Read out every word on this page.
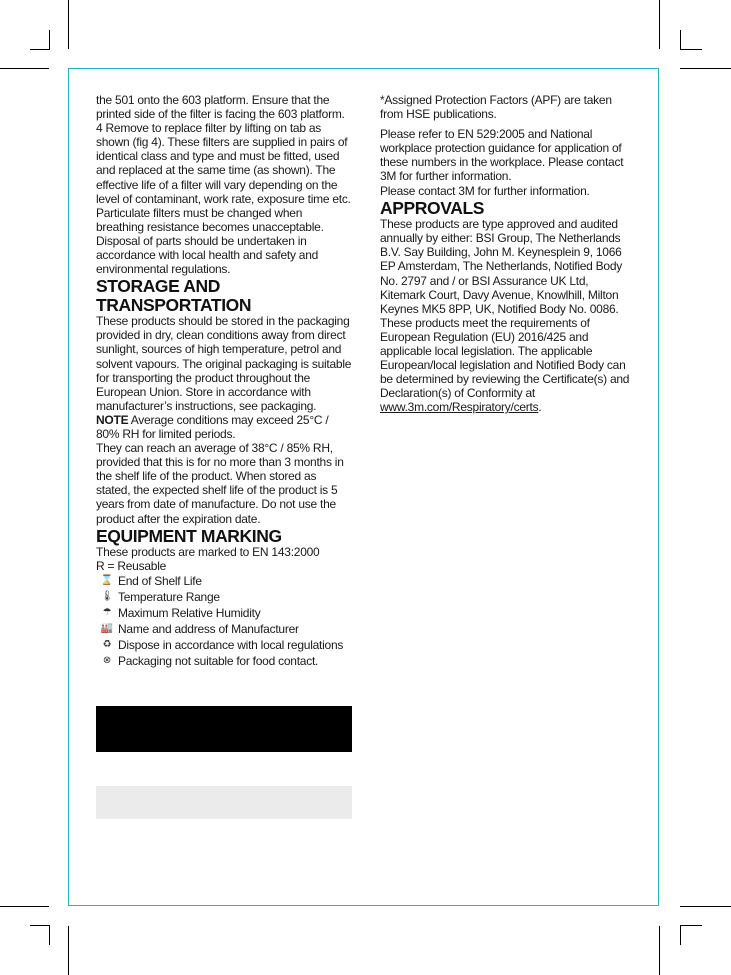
the 501 onto the 603 platform. Ensure that the printed side of the filter is facing the 603 platform. 4 Remove to replace filter by lifting on tab as shown (fig 4). These filters are supplied in pairs of identical class and type and must be fitted, used and replaced at the same time (as shown). The effective life of a filter will vary depending on the level of contaminant, work rate, exposure time etc. Particulate filters must be changed when breathing resistance becomes unacceptable. Disposal of parts should be undertaken in accordance with local health and safety and environmental regulations.

STORAGE AND TRANSPORTATION

These products should be stored in the packaging provided in dry, clean conditions away from direct sunlight, sources of high temperature, petrol and solvent vapours. The original packaging is suitable for transporting the product throughout the European Union. Store in accordance with manufacturer’s instructions, see packaging.

NOTE Average conditions may exceed 25°C / 80% RH for limited periods.

They can reach an average of 38°C / 85% RH, provided that this is for no more than 3 months in the shelf life of the product. When stored as stated, the expected shelf life of the product is 5 years from date of manufacture. Do not use the product after the expiration date.

EQUIPMENT MARKING

These products are marked to EN 143:2000

R = Reusable

⌛ End of Shelf Life
🌡 Temperature Range
☂ Maximum Relative Humidity
🏭 Name and address of Manufacturer
♻ Dispose in accordance with local regulations
⊗ Packaging not suitable for food contact.

*Assigned Protection Factors (APF) are taken from HSE publications.

Please refer to EN 529:2005 and National workplace protection guidance for application of these numbers in the workplace. Please contact 3M for further information.

Please contact 3M for further information.

APPROVALS

These products are type approved and audited annually by either: BSI Group, The Netherlands B.V. Say Building, John M. Keynesplein 9, 1066 EP Amsterdam, The Netherlands, Notified Body No. 2797 and / or BSI Assurance UK Ltd, Kitemark Court, Davy Avenue, Knowlhill, Milton Keynes MK5 8PP, UK, Notified Body No. 0086. These products meet the requirements of European Regulation (EU) 2016/425 and applicable local legislation. The applicable European/local legislation and Notified Body can be determined by reviewing the Certificate(s) and Declaration(s) of Conformity at www.3m.com/Respiratory/certs.
